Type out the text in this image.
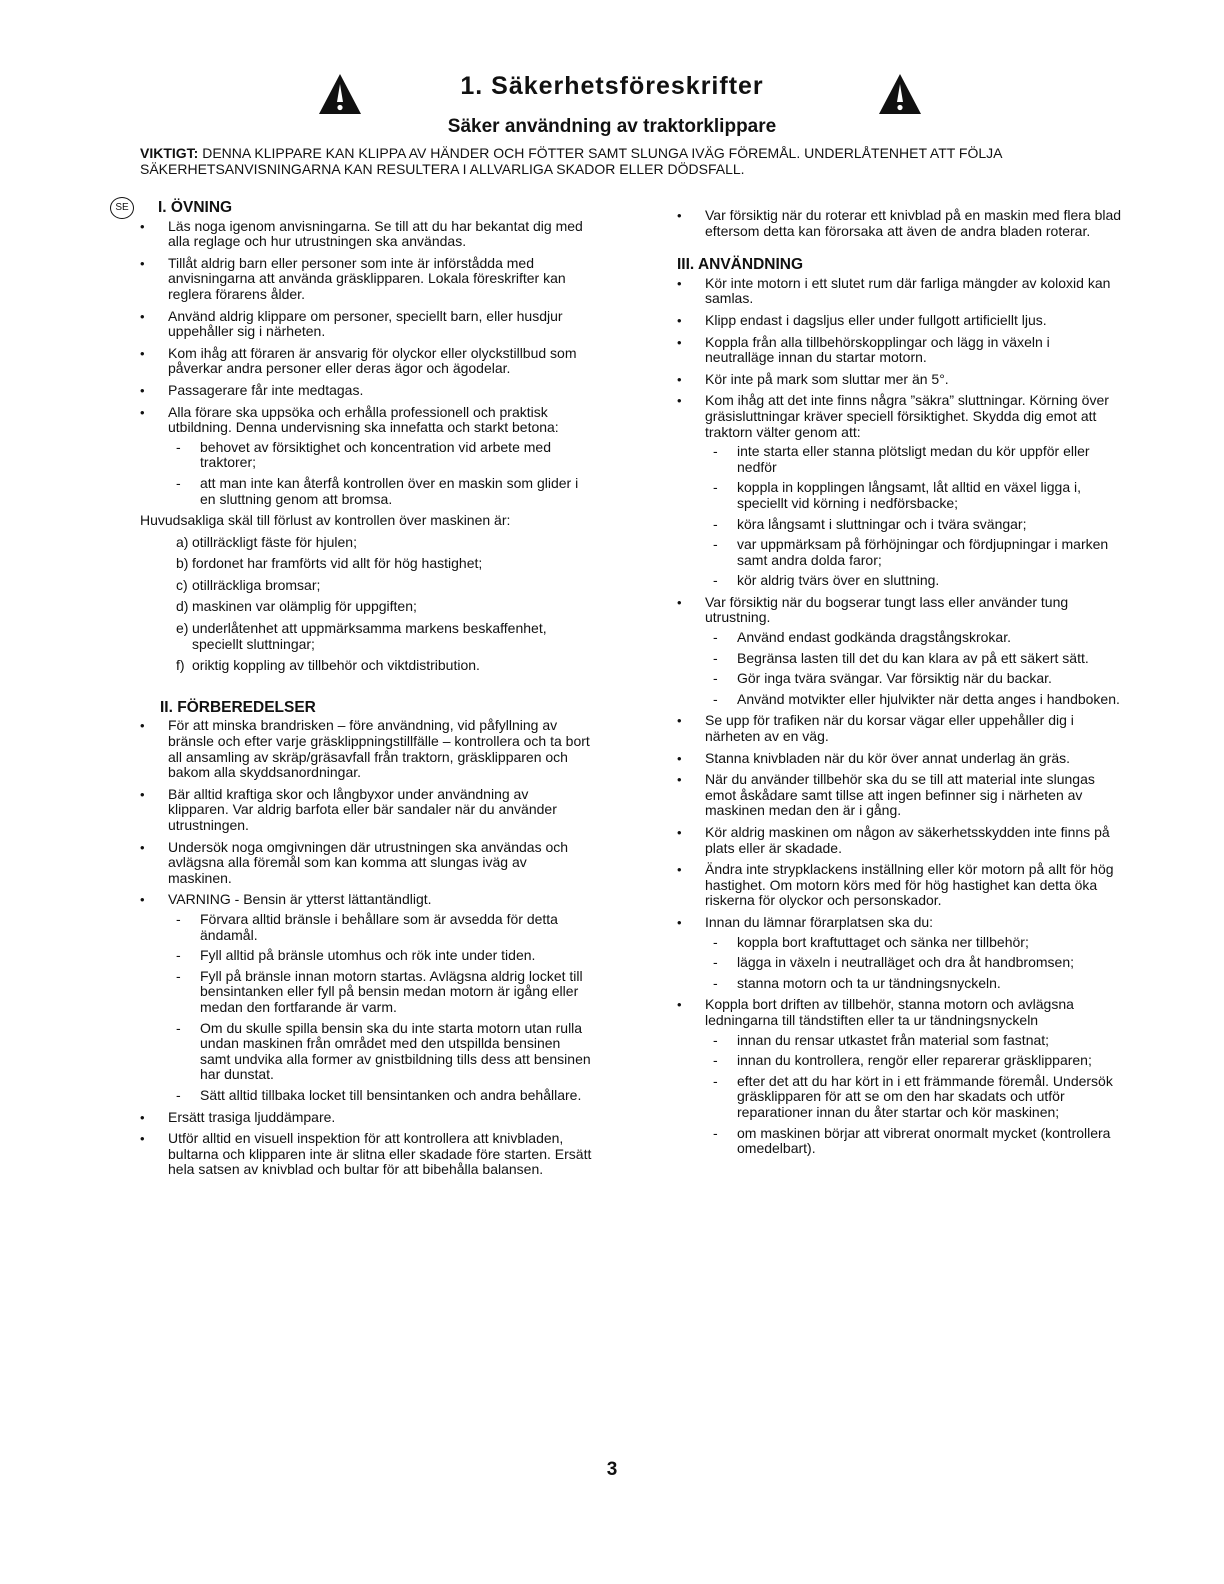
1. Säkerhetsföreskrifter
Säker användning av traktorklippare
VIKTIGT: DENNA KLIPPARE KAN KLIPPA AV HÄNDER OCH FÖTTER SAMT SLUNGA IVÄG FÖREMÅL. UNDERLÅTENHET ATT FÖLJA SÄKERHETSANVISNINGARNA KAN RESULTERA I ALLVARLIGA SKADOR ELLER DÖDSFALL.
SE	I. ÖVNING
• Läs noga igenom anvisningarna. Se till att du har bekantat dig med alla reglage och hur utrustningen ska användas.
• Tillåt aldrig barn eller personer som inte är införstådda med anvisningarna att använda gräsklipparen. Lokala föreskrifter kan reglera förarens ålder.
• Använd aldrig klippare om personer, speciellt barn, eller husdjur uppehåller sig i närheten.
• Kom ihåg att föraren är ansvarig för olyckor eller olyckstillbud som påverkar andra personer eller deras ägor och ägodelar.
• Passagerare får inte medtagas.
• Alla förare ska uppsöka och erhålla professionell och praktisk utbildning. Denna undervisning ska innefatta och starkt betona:
- behovet av försiktighet och koncentration vid arbete med traktorer;
- att man inte kan återfå kontrollen över en maskin som glider i en sluttning genom att bromsa.
Huvudsakliga skäl till förlust av kontrollen över maskinen är:
a) otillräckligt fäste för hjulen;
b) fordonet har framförts vid allt för hög hastighet;
c) otillräckliga bromsar;
d) maskinen var olämplig för uppgiften;
e) underlåtenhet att uppmärksamma markens beskaffenhet, speciellt sluttningar;
f) oriktig koppling av tillbehör och viktdistribution.
II. FÖRBEREDELSER
• För att minska brandrisken – före användning, vid påfyllning av bränsle och efter varje gräsklippningstillfälle – kontrollera och ta bort all ansamling av skräp/gräsavfall från traktorn, gräsklipparen och bakom alla skyddsanordningar.
• Bär alltid kraftiga skor och långbyxor under användning av klipparen. Var aldrig barfota eller bär sandaler när du använder utrustningen.
• Undersök noga omgivningen där utrustningen ska användas och avlägsna alla föremål som kan komma att slungas iväg av maskinen.
• VARNING - Bensin är ytterst lättantändligt.
- Förvara alltid bränsle i behållare som är avsedda för detta ändamål.
- Fyll alltid på bränsle utomhus och rök inte under tiden.
- Fyll på bränsle innan motorn startas. Avlägsna aldrig locket till bensintanken eller fyll på bensin medan motorn är igång eller medan den fortfarande är varm.
- Om du skulle spilla bensin ska du inte starta motorn utan rulla undan maskinen från området med den utspillda bensinen samt undvika alla former av gnistbildning tills dess att bensinen har dunstat.
- Sätt alltid tillbaka locket till bensintanken och andra behållare.
• Ersätt trasiga ljuddämpare.
• Utför alltid en visuell inspektion för att kontrollera att knivbladen, bultarna och klipparen inte är slitna eller skadade före starten. Ersätt hela satsen av knivblad och bultar för att bibehålla balansen.
• Var försiktig när du roterar ett knivblad på en maskin med flera blad eftersom detta kan förorsaka att även de andra bladen roterar.
III. ANVÄNDNING
• Kör inte motorn i ett slutet rum där farliga mängder av koloxid kan samlas.
• Klipp endast i dagsljus eller under fullgott artificiellt ljus.
• Koppla från alla tillbehörskopplingar och lägg in växeln i neutralläge innan du startar motorn.
• Kör inte på mark som sluttar mer än 5°.
• Kom ihåg att det inte finns några ”säkra” sluttningar. Körning över gräsisluttningar kräver speciell försiktighet. Skydda dig emot att traktorn välter genom att:
- inte starta eller stanna plötsligt medan du kör uppför eller nedför
- koppla in kopplingen långsamt, låt alltid en växel ligga i, speciellt vid körning i nedförsbacke;
- köra långsamt i sluttningar och i tvära svängar;
- var uppmärksam på förhöjningar och fördjupningar i marken samt andra dolda faror;
- kör aldrig tvärs över en sluttning.
• Var försiktig när du bogserar tungt lass eller använder tung utrustning.
- Använd endast godkända dragstångskrokar.
- Begränsa lasten till det du kan klara av på ett säkert sätt.
- Gör inga tvära svängar. Var försiktig när du backar.
- Använd motvikter eller hjulvikter när detta anges i handboken.
• Se upp för trafiken när du korsar vägar eller uppehåller dig i närheten av en väg.
• Stanna knivbladen när du kör över annat underlag än gräs.
• När du använder tillbehör ska du se till att material inte slungas emot åskådare samt tillse att ingen befinner sig i närheten av maskinen medan den är i gång.
• Kör aldrig maskinen om någon av säkerhetsskydden inte finns på plats eller är skadade.
• Ändra inte strypklackens inställning eller kör motorn på allt för hög hastighet. Om motorn körs med för hög hastighet kan detta öka riskerna för olyckor och personskador.
• Innan du lämnar förarplatsen ska du:
- koppla bort kraftuttaget och sänka ner tillbehör;
- lägga in växeln i neutralläget och dra åt handbromsen;
- stanna motorn och ta ur tändningsnyckeln.
• Koppla bort driften av tillbehör, stanna motorn och avlägsna ledningarna till tändstiften eller ta ur tändningsnyckeln
- innan du rensar utkastet från material som fastnat;
- innan du kontrollera, rengör eller reparerar gräsklipparen;
- efter det att du har kört in i ett främmande föremål. Undersök gräsklipparen för att se om den har skadats och utför reparationer innan du åter startar och kör maskinen;
- om maskinen börjar att vibrerat onormalt mycket (kontrollera omedelbart).
3
